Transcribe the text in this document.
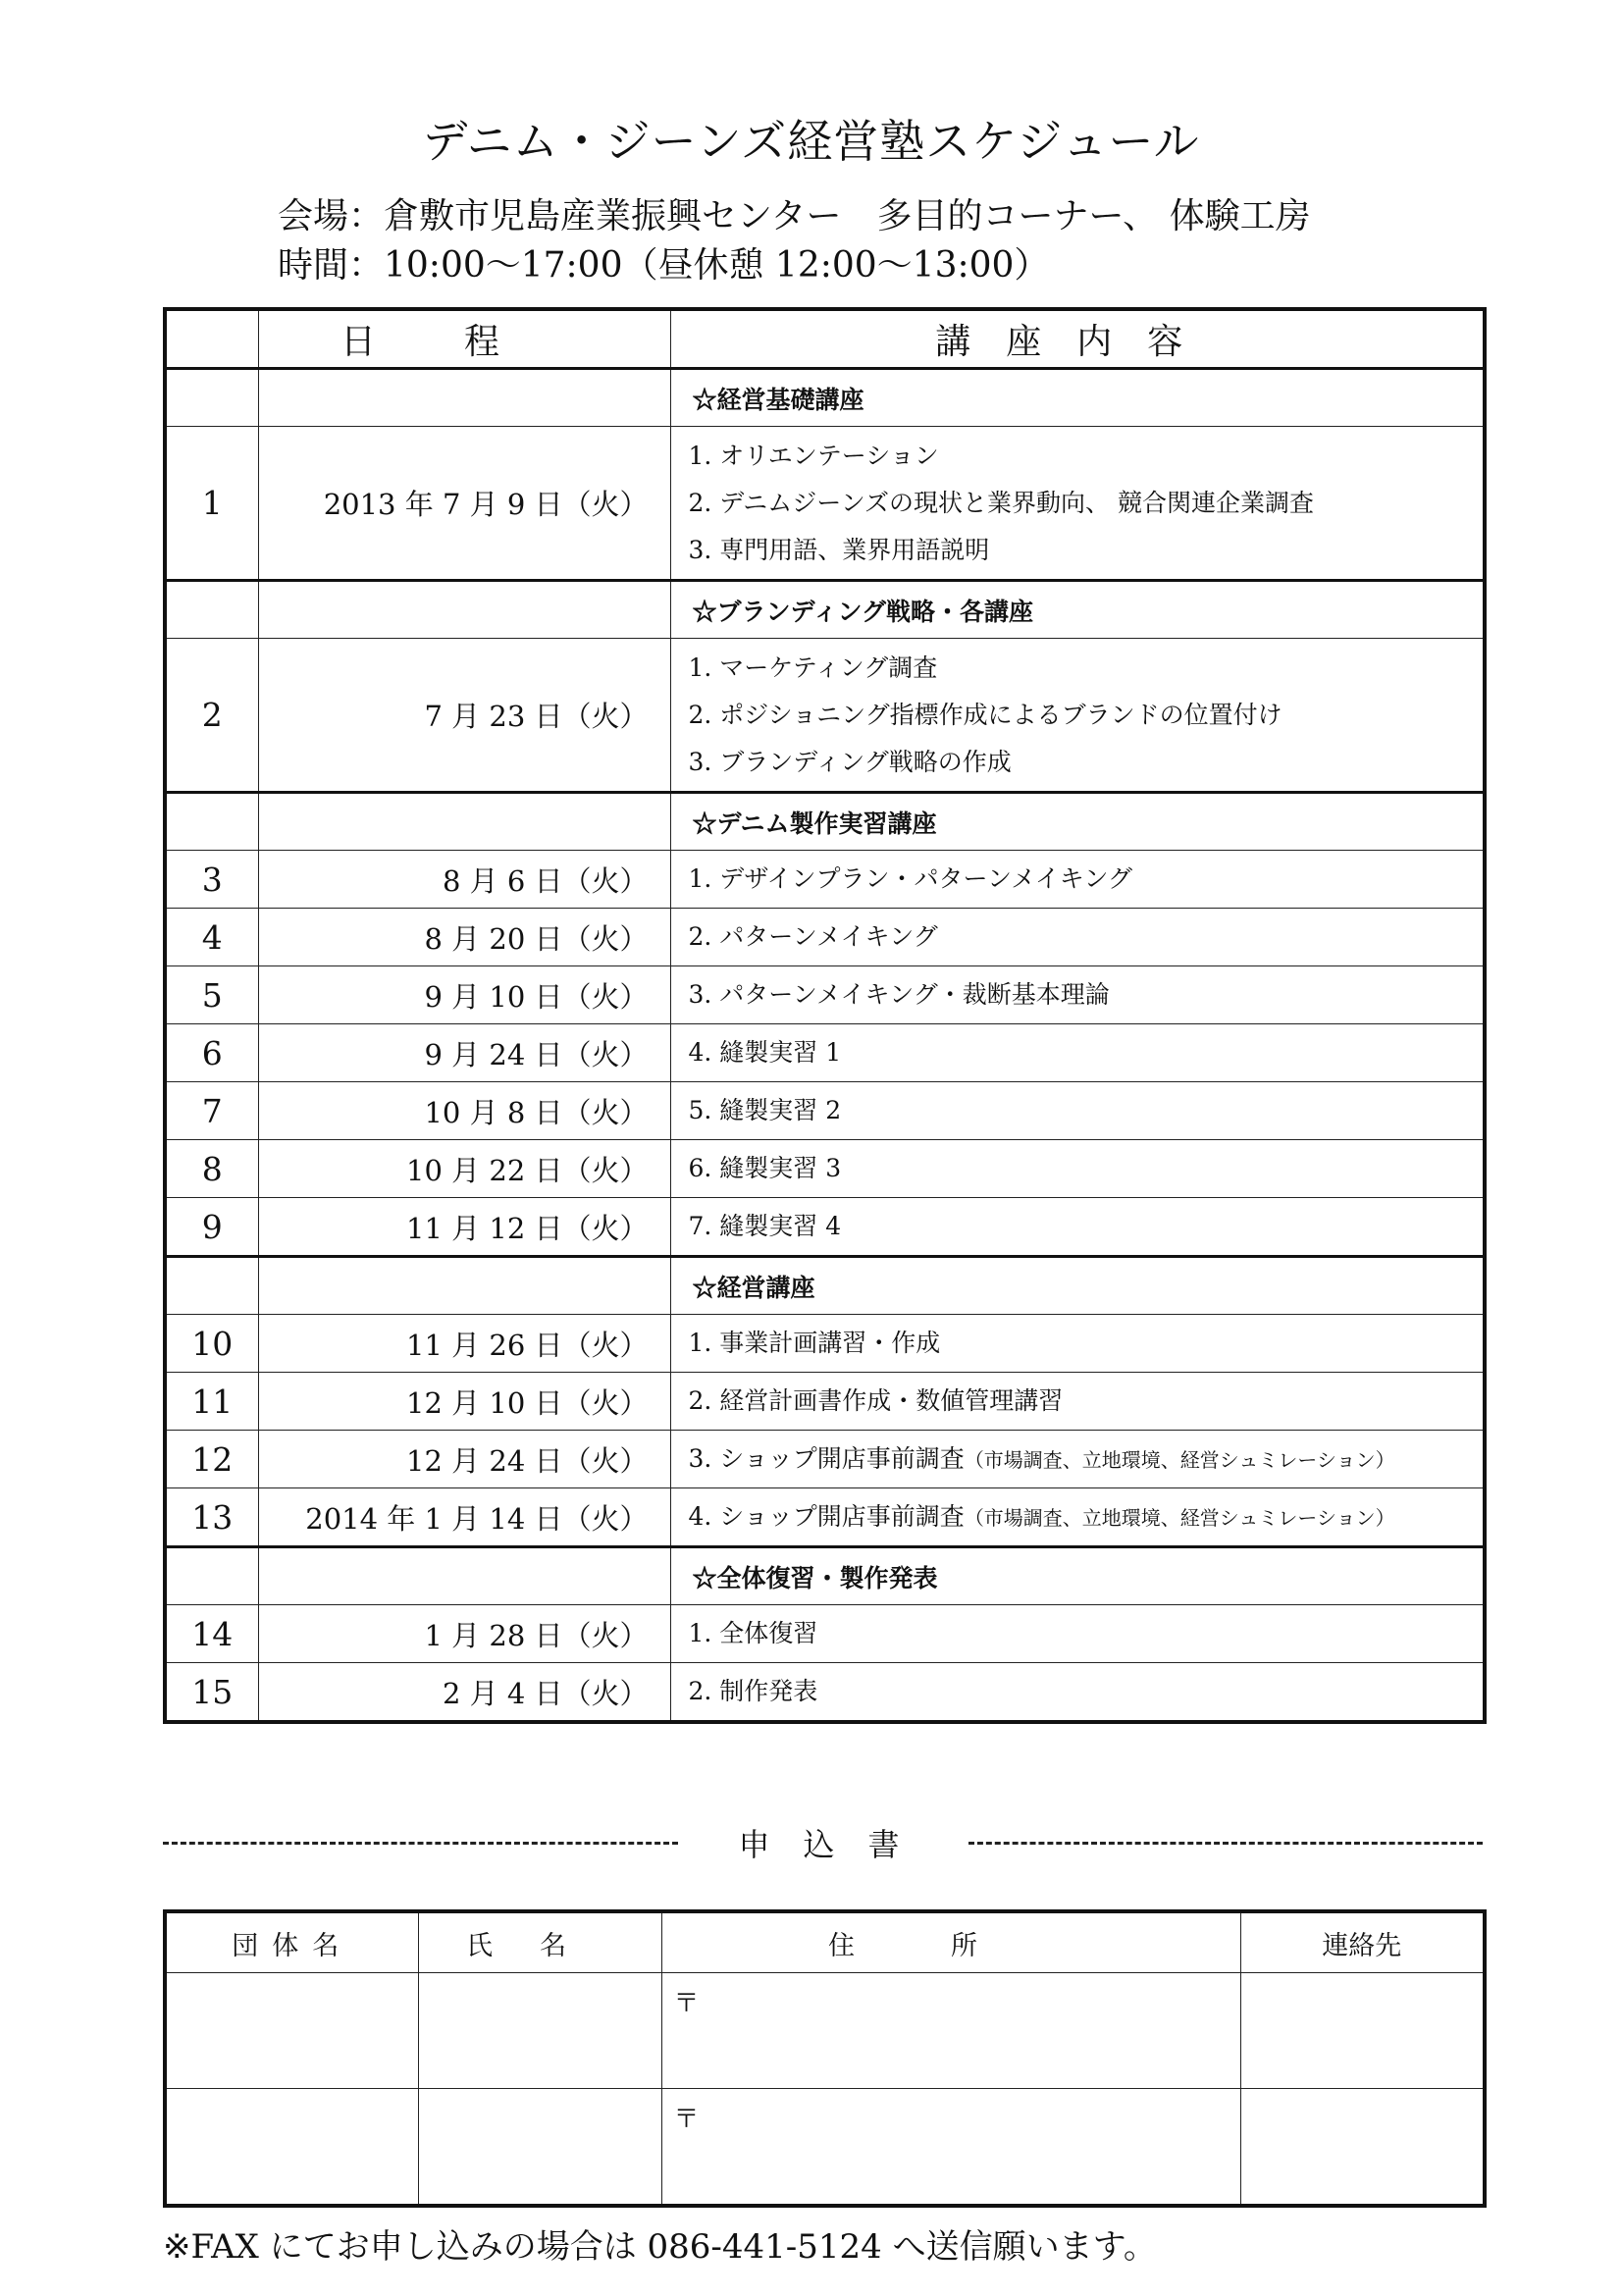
デニム・ジーンズ経営塾スケジュール
会場：倉敷市児島産業振興センター　多目的コーナー、 体験工房
時間：10:00～17:00（昼休憩 12:00～13:00）
	日程	講座内容
		☆経営基礎講座
1	2013 年 7 月 9 日（火）	1. オリエンテーション
2. デニムジーンズの現状と業界動向、 競合関連企業調査
3. 専門用語、業界用語説明

		☆ブランディング戦略・各講座
2	7 月 23 日（火）	1. マーケティング調査
2. ポジショニング指標作成によるブランドの位置付け
3. ブランディング戦略の作成

		☆デニム製作実習講座
3	8 月 6 日（火）	1. デザインプラン・パターンメイキング

4	8 月 20 日（火）	2. パターンメイキング

5	9 月 10 日（火）	3. パターンメイキング・裁断基本理論

6	9 月 24 日（火）	4. 縫製実習 1

7	10 月 8 日（火）	5. 縫製実習 2

8	10 月 22 日（火）	6. 縫製実習 3

9	11 月 12 日（火）	7. 縫製実習 4

		☆経営講座
10	11 月 26 日（火）	1. 事業計画講習・作成

11	12 月 10 日（火）	2. 経営計画書作成・数値管理講習

12	12 月 24 日（火）	3. ショップ開店事前調査（市場調査、立地環境、経営シュミレーション）

13	2014 年 1 月 14 日（火）	4. ショップ開店事前調査（市場調査、立地環境、経営シュミレーション）

		☆全体復習・製作発表
14	1 月 28 日（火）	1. 全体復習

15	2 月 4 日（火）	2. 制作発表
申込書
団体名	氏名	住所	連絡先

		〒	

		〒	

※FAX にてお申し込みの場合は 086-441-5124 へ送信願います。
